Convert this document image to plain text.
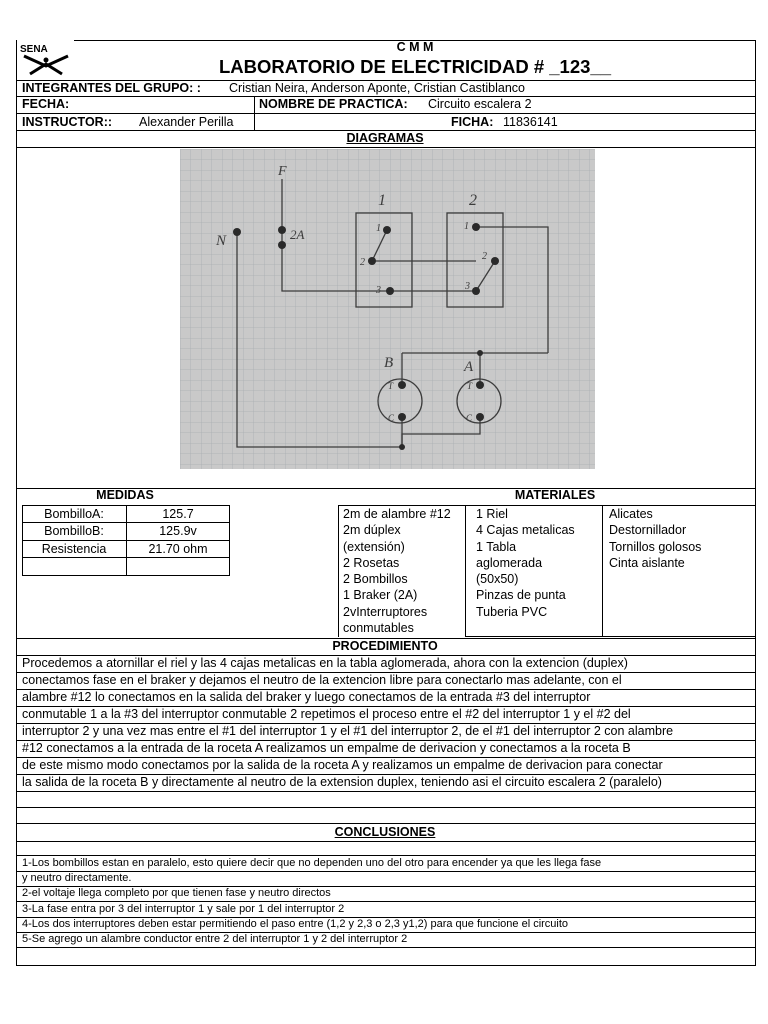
SENA	C M M
LABORATORIO DE ELECTRICIDAD # _123__
INTEGRANTES DEL GRUPO: : Cristian Neira, Anderson Aponte, Cristian Castiblanco
FECHA:	NOMBRE DE PRACTICA: Circuito escalera 2
INSTRUCTOR:: Alexander Perilla	FICHA: 11836141
DIAGRAMAS
F
N	2A
1	2
1
2
3
1
2
3
B	A
T
C
T
C
MEDIDAS	MATERIALES
BombilloA:	125.7
BombilloB:	125.9v
Resistencia	21.70 ohm
2m de alambre #12
2m dúplex
(extensión)
2 Rosetas
2 Bombillos
1 Braker (2A)
2vInterruptores
conmutables
1 Riel
4 Cajas metalicas
1 Tabla
aglomerada
(50x50)
Pinzas de punta
Tuberia PVC
Alicates
Destornillador
Tornillos golosos
Cinta aislante
PROCEDIMIENTO
Procedemos a atornillar el riel y las 4 cajas metalicas en la tabla aglomerada, ahora con la extencion (duplex)
conectamos fase en el braker y dejamos el neutro de la extencion libre para conectarlo mas adelante, con el
alambre #12 lo conectamos en la salida del braker y luego conectamos de la entrada #3 del interruptor
conmutable 1 a la #3 del interruptor conmutable 2 repetimos el proceso entre el #2 del interruptor 1 y el #2 del
interruptor 2 y una vez mas entre el #1 del interruptor 1 y el #1 del interruptor 2, de el #1 del interruptor 2 con alambre
#12 conectamos a la entrada de la roceta A realizamos un empalme de derivacion y conectamos a la roceta B
de este mismo modo conectamos por la salida de la roceta A y realizamos un empalme de derivacion para conectar
la salida de la roceta B y directamente al neutro de la extension duplex, teniendo asi el circuito escalera 2 (paralelo)
CONCLUSIONES
1-Los bombillos estan en paralelo, esto quiere decir que no dependen uno del otro para encender ya que les llega fase
y neutro directamente.
2-el voltaje llega completo por que tienen fase y neutro directos
3-La fase entra por 3 del interruptor 1 y sale por 1 del interruptor 2
4-Los dos interruptores deben estar permitiendo el paso entre (1,2 y 2,3 o 2,3 y1,2) para que funcione el circuito
5-Se agrego un alambre conductor entre 2 del interruptor 1 y 2 del interruptor 2
